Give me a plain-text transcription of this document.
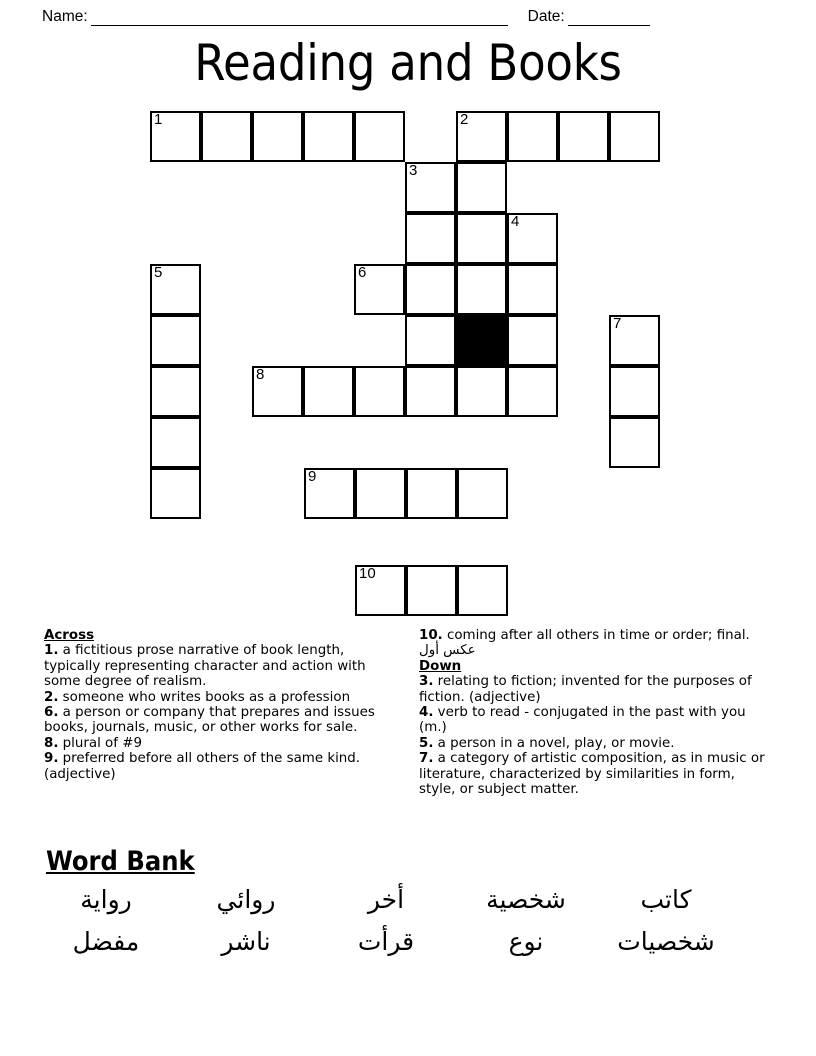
Name:	Date:
Reading and Books
1	2
3
4
5	6
7
8
9
10
Across
1. a fictitious prose narrative of book length, typically representing character and action with some degree of realism.
2. someone who writes books as a profession
6. a person or company that prepares and issues books, journals, music, or other works for sale.
8. plural of #9
9. preferred before all others of the same kind. (adjective)
10. coming after all others in time or order; final. عكس أول
Down
3. relating to fiction; invented for the purposes of fiction. (adjective)
4. verb to read - conjugated in the past with you (m.)
5. a person in a novel, play, or movie.
7. a category of artistic composition, as in music or literature, characterized by similarities in form, style, or subject matter.
Word Bank
كاتب
شخصية
أخر
روائي
رواية
شخصيات
نوع
قرأت
ناشر
مفضل
